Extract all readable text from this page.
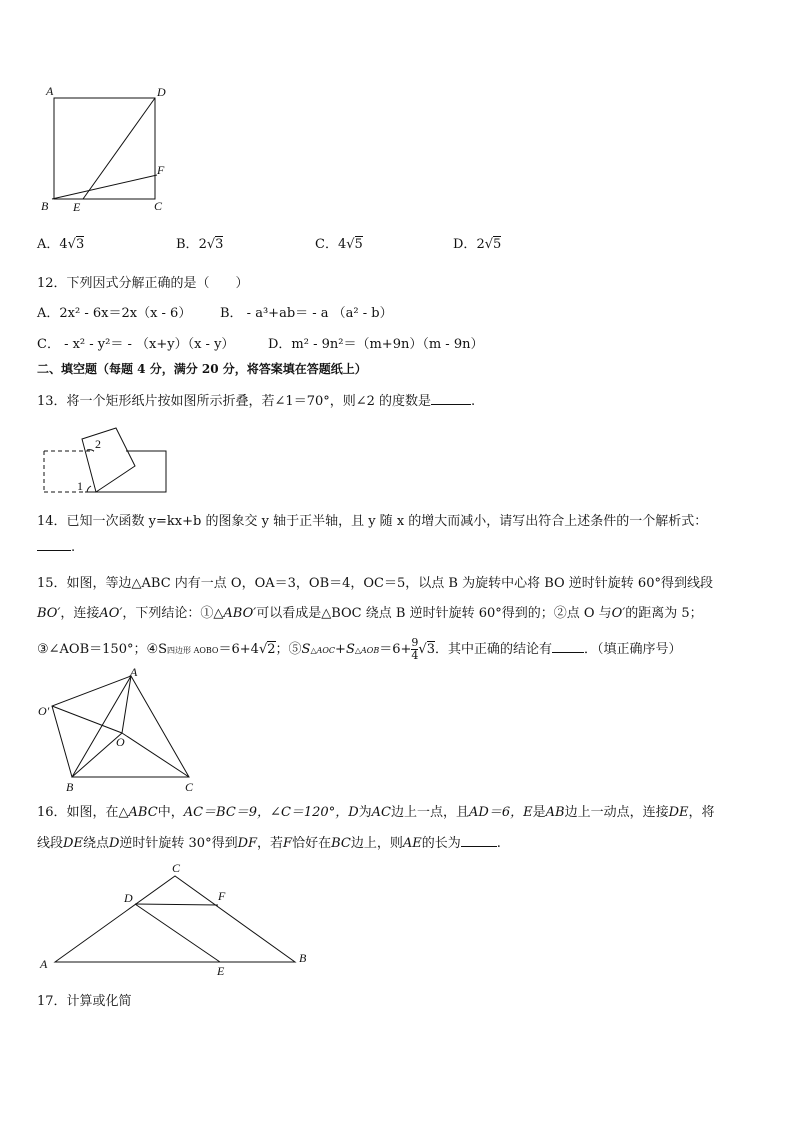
A	D
B E	C
F
A．4√3	B．2√3	C．4√5	D．2√5
12．下列因式分解正确的是（　　）
A．2x² - 6x＝2x（x - 6） B． - a³+ab＝ - a （a² - b）
C． - x² - y²＝ - （x+y）（x - y）	D．m² - 9n²＝（m+9n）（m - 9n）
二、填空题（每题 4 分，满分 20 分，将答案填在答题纸上）
13．将一个矩形纸片按如图所示折叠，若∠1＝70°，则∠2 的度数是	.
2
1
14．已知一次函数 y=kx+b 的图象交 y 轴于正半轴，且 y 随 x 的增大而减小，请写出符合上述条件的一个解析式：
.
15．如图，等边△ABC 内有一点 O，OA＝3，OB＝4，OC＝5，以点 B 为旋转中心将 BO 逆时针旋转 60°得到线段
BO′，连接AO′，下列结论：①△ABO′可以看成是△BOC 绕点 B 逆时针旋转 60°得到的；②点 O 与O′的距离为 5；
③∠AOB＝150°；④S四边形 AOBO＝6+4√2；⑤S△AOC+S△AOB＝6+ $\frac{9}{4} √3$．其中正确的结论有 ．（填正确序号）
A
O′
O
B	C
16．如图，在△ABC中，AC＝BC＝9，∠C＝120°，D为AC边上一点，且AD＝6，E是AB边上一动点，连接DE，将
线段DE绕点D逆时针旋转 30°得到DF，若F恰好在BC边上，则AE的长为	.
C
D	F
A	E
B
17．计算或化简
